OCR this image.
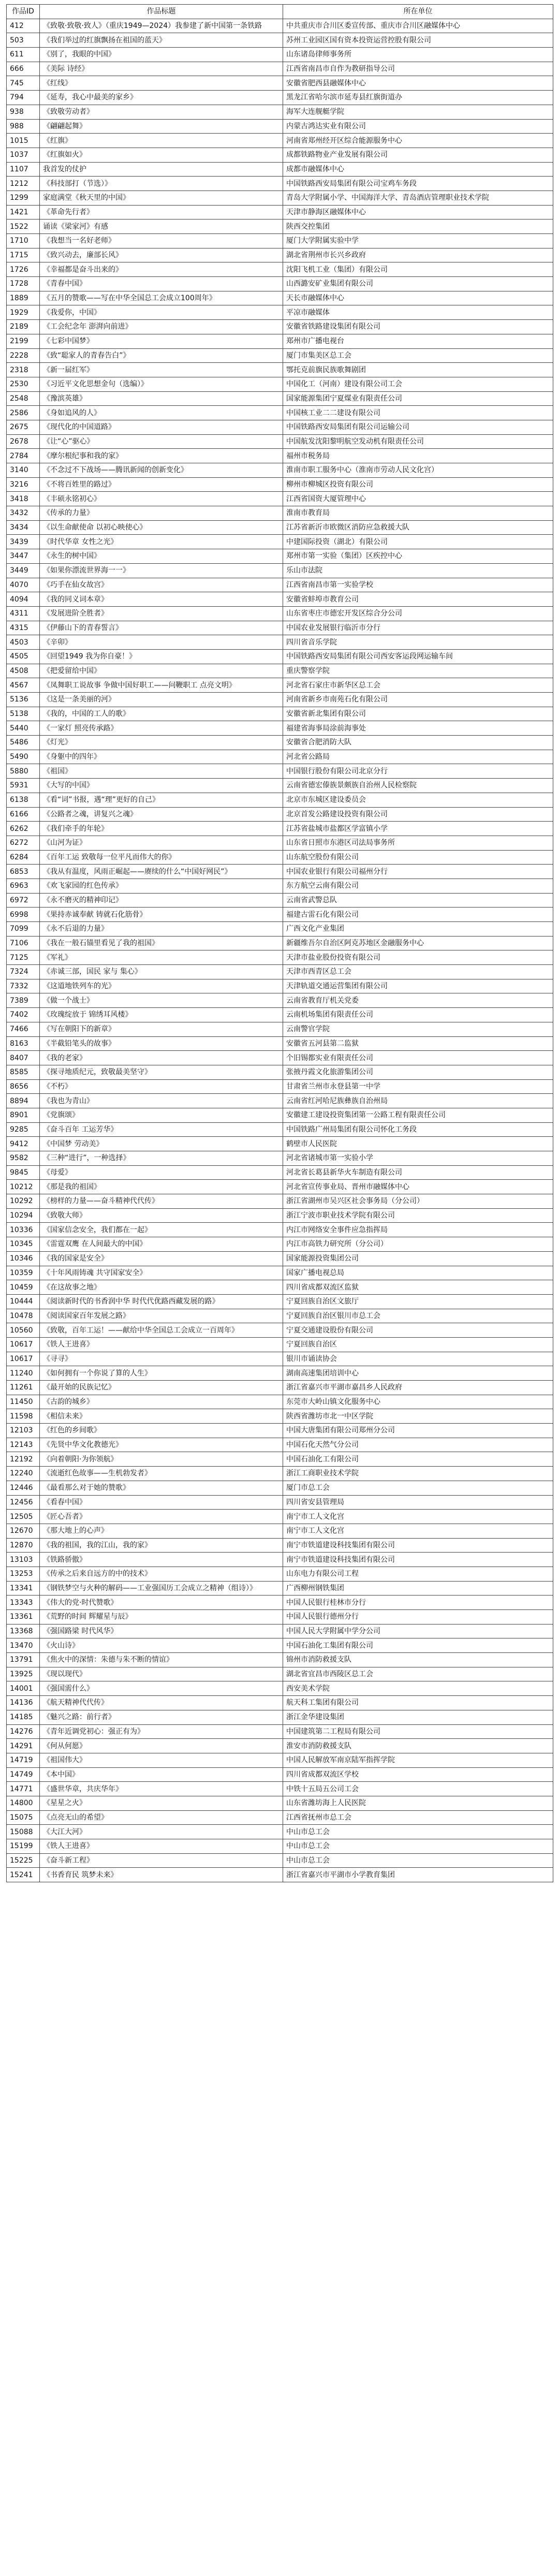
作品ID	作品标题	所在单位
412	《致敬·致敬·致人》（重庆1949—2024）我参建了新中国第一条铁路	中共重庆市合川区委宣传部、重庆市合川区融媒体中心
503	《我们举过的红旗飘扬在祖国的蓝天》	苏州工业园区国有资本投资运营控股有限公司
611	《别了，我眼的中国》	山东诸岛律师事务所
666	《美际 诗经》	江西省南昌市自作为教研指导公司
745	《红线》	安徽省肥西县融媒体中心
794	《延寿，我心中最美的家乡》	黑龙江省哈尔滨市延寿县红旗街道办
938	《致敬劳动者》	海军大连舰艇学院
988	《翩翩起舞》	内蒙古鸿达实业有限公司
1015	《红旗》	河南省郑州经开区综合能源服务中心
1037	《红旗如火》	成都铁路物业产业发展有限公司
1107	我首发的仗护	成都市融媒体中心
1212	《科技部打（节选）》	中国铁路西安局集团有限公司宝鸡车务段
1299	家庭满堂《秋天里的中国》	青岛大学附属小学、中国海洋大学、青岛酒店管理职业技术学院
1421	《革命先行者》	天津市静海区融媒体中心
1522	诵读《梁家河》有感	陕西交控集团
1710	《我想当一名好老师》	厦门大学附属实验中学
1715	《致兴动去，廉部长风》	湖北省荆州市长兴乡政府
1726	《幸福都是奋斗出来的》	沈阳飞机工业（集团）有限公司
1728	《青春中国》	山西潞安矿业集团有限公司
1889	《五月的赞歌——写在中华全国总工会成立100周年》	天长市融媒体中心
1929	《我爱你，中国》	平凉市融媒体
2189	《工会纪念年 澎湃向前进》	安徽省铁路建设集团有限公司
2199	《七彩中国梦》	郑州市广播电视台
2228	《致“聪家人的青春告白”》	厦门市集美区总工会
2318	《新一届红军》	鄂托克前旗民族歌舞剧团
2530	《习近平文化思想金句（选编）》	中国化工（河南）建设有限公司工会
2548	《豫滨英雄》	国家能源集团宁夏煤业有限责任公司
2586	《身如追风的人》	中国核工业二二建设有限公司
2675	《现代化的中国道路》	中国铁路西安局集团有限公司运输公司
2678	《让“心”驱心》	中国航发沈阳黎明航空发动机有限责任公司
2784	《摩尔根纪事和我的家》	福州市税务局
3140	《不念过不下战场——腾讯新闻的创新变化》	淮南市职工服务中心（淮南市劳动人民文化宫）
3216	《不将百姓里的路过》	柳州市柳城区投资有限公司
3418	《丰硕永铭初心》	江西省国资大厦管理中心
3432	《传承的力量》	淮南市教育局
3434	《以生命献使命 以初心映使心》	江苏省新沂市欧微区消防应急救援大队
3439	《时代华章 女性之光》	中建国际投资（湖北）有限公司
3447	《永生的树中国》	郑州市第一实验（集团）区疾控中心
3449	《如果你漂流世界海一一》	乐山市法院
4070	《巧手在仙女故宫》	江西省南昌市第一实验学校
4094	《我的同义词本章》	安徽省蚌埠市教育公司
4311	《发展进阶全胜者》	山东省枣庄市德宏开发区综合分公司
4315	《伊藤山下的青春誓言》	中国农业发展银行临沂市分行
4503	《辛卯》	四川省音乐学院
4505	《回望1949 我为你自豪！》	中国铁路西安局集团有限公司西安客运段网运输车间
4508	《把爱留给中国》	重庆警察学院
4567	《凤舞职工说故事 争做中国好职工——问鞭职工 点亮文明》	河北省石家庄市新华区总工会
5136	《这是一条美丽的河》	河南省新乡市南苑石化有限公司
5138	《我的，中国的工人的歌》	安徽省新北集团有限公司
5440	《一家灯 照亮传承路》	福建省海事局涂前海事处
5486	《灯光》	安徽省合肥消防大队
5490	《身躯中的四年》	河北省公路局
5880	《祖国》	中国银行股份有限公司北京分行
5931	《大写的中国》	云南省德宏傣族景颇族自治州人民检察院
6138	《看“词”书报，遇“理”更好的自己》	北京市东城区建设委员会
6166	《公路者之魂，讲复兴之魂》	北京首发公路建设投资有限公司
6262	《我们牵手的年轮》	江苏省盐城市盐都区学富镇小学
6272	《山河为证》	山东省日照市东港区司法局事务所
6284	《百年工运 致敬每一位平凡而伟大的你》	山东航空股份有限公司
6853	《我从有温度，风雨正崛起——赓续的什么“中国好网民”》	中国农业银行有限公司福州分行
6963	《欢飞家园的红色传承》	东方航空云南有限公司
6972	《永不磨灭的精神印记》	云南省武警总队
6998	《果持赤诚奉献 铸就石化筋骨》	福建古雷石化有限公司
7099	《永不后退的力量》	广西文化产业集团
7106	《我在一般石锚里看见了我的祖国》	新疆维吾尔自治区阿克苏地区金融服务中心
7125	《军礼》	天津市盐业股份投资有限公司
7324	《赤诚三部，国民 家与 集心》	天津市西青区总工会
7332	《这道地铁列车的光》	天津轨道交通运营集团有限公司
7389	《做一个战士》	云南省教育厅机关党委
7402	《玫瑰绽放于 锦绣耳风楼》	云南机场集团有限责任公司
7466	《写在朝阳下的新章》	云南警官学院
8163	《半截铅笔头的故事》	安徽省五河县第二监狱
8407	《我的老家》	个旧锡都实业有限责任公司
8585	《探寻地质纪元，致敬最美坚守》	张掖丹霞文化旅游集团公司
8656	《不朽》	甘肃省兰州市永登县第一中学
8894	《我也为青山》	云南省红河哈尼族彝族自治州局
8901	《党旗颂》	安徽建工建设投资集团第一公路工程有限责任公司
9285	《奋斗百年 工运芳华》	中国铁路广州局集团有限公司怀化工务段
9412	《中国梦 劳动美》	鹤壁市人民医院
9582	《三种“进行”，一种选择》	河北省诸城市第一实验小学
9845	《母爱》	河北省长葛县新华火车制造有限公司
10212	《那是我的祖国》	河北省宣传事业局、晋州市融媒体中心
10292	《榜样的力量——奋斗精神代代传》	浙江省湖州市吴兴区社会事务局（分公司）
10294	《致敬大师》	浙江宁波市职业技术学院有限公司
10336	《国家信念安全，我们都在一起》	内江市网络安全事件应急指挥局
10345	《雷霆双鹰 在人间最大的中国》	内江市高铁力研究所（分公司）
10346	《我的国家是安全》	国家能源投资集团公司
10359	《十年风雨铸魂 共守国家安全》	国家广播电视总局
10459	《在这故事之地》	四川省成都双流区监狱
10444	《阅读新时代的书香润中华 时代代优路西藏发展的路》	宁夏回族自治区文旅厅
10478	《阅读国家百年发展之路》	宁夏回族自治区银川市总工会
10560	《致敬，百年工运！——献给中华全国总工会成立一百周年》	宁夏交通建设股份有限公司
10617	《铁人王进喜》	宁夏回族自治区
10617	《寻寻》	银川市诵读协会
11240	《如何拥有一个你说了算的人生》	湖南高速集团培训中心
11261	《最开始的民族记忆》	浙江省嘉兴市平湖市嘉昌乡人民政府
11450	《古韵的城乡》	东莞市大岭山镇文化服务中心
11598	《相信未来》	陕西省潍坊市北一中区学院
12103	《红色的乡间歌》	中国大唐集团有限公司郑州分公司
12143	《先贤中华文化教德光》	中国石化天然气分公司
12192	《向着朝阳·为你领航》	中国石油化工有限公司
12240	《流逝红色故事——生机勃发者》	浙江工商职业技术学院
12446	《最看那么对于她的赞歌》	厦门市总工会
12456	《看春中国》	四川省安县管理局
12505	《匠心吾者》	南宁市工人文化宫
12670	《那大地上的心声》	南宁市工人文化宫
12870	《我的祖国，我的江山，我的家》	南宁市铁道建设科技集团有限公司
13103	《铁路骄傲》	南宁市铁道建设科技集团有限公司
13253	《传承之后来自远方的中的技术》	山东电力有限公司工程
13341	《钢铁梦空与火种的解码——工业强国历工会成立之精神（组诗）》	广西柳州钢铁集团
13343	《伟大的党·时代赞歌》	中国人民银行桂林市分行
13361	《荒野的时间 辉耀星与辰》	中国人民银行德州分行
13368	《强国路梁 时代风华》	中国人民大学附属中学分公司
13470	《火山诗》	中国石油化工集团有限公司
13791	《焦火中的深情：朱德与朱不断的情谊》	锦州市消防救援支队
13925	《现以现代》	湖北省宜昌市西陵区总工会
14001	《强国需什么》	西安美术学院
14136	《航天精神代代传》	航天科工集团有限公司
14185	《魅兴之路：前行者》	浙江金华建设集团
14276	《青年近调党初心：强正有为》	中国建筑第二工程局有限公司
14291	《何从何愿》	淮安市消防救援支队
14719	《祖国伟大》	中国人民解放军南京陆军指挥学院
14749	《本中国》	四川省成都双流区学校
14771	《盛世华章，共庆华年》	中铁十五局五公司工会
14800	《星星之火》	山东省潍坊海上人民医院
15075	《点亮无山的希望》	江西省抚州市总工会
15088	《大江大河》	中山市总工会
15199	《铁人王进喜》	中山市总工会
15225	《奋斗新工程》	中山市总工会
15241	《书香育民 筑梦未来》	浙江省嘉兴市平湖市小学教育集团
